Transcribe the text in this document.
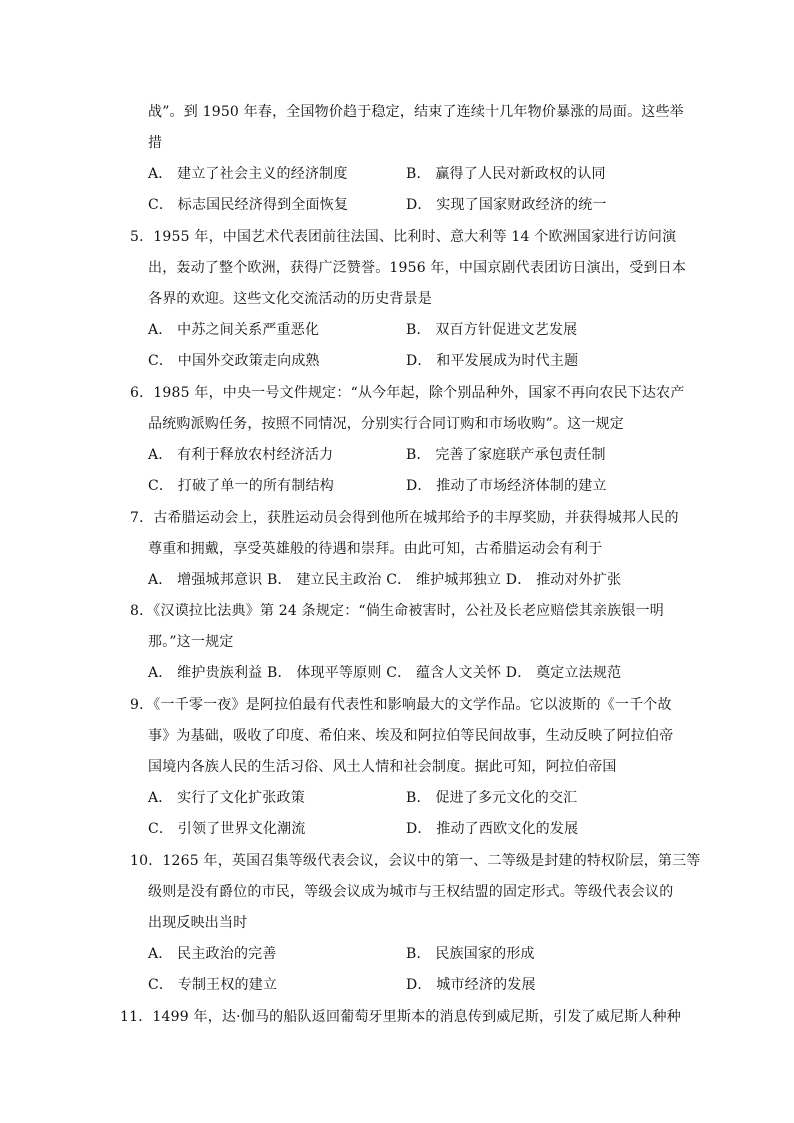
战”。到 1950 年春，全国物价趋于稳定，结束了连续十几年物价暴涨的局面。这些举
措
A． 建立了社会主义的经济制度	B． 赢得了人民对新政权的认同
C． 标志国民经济得到全面恢复	D． 实现了国家财政经济的统一
5．1955 年，中国艺术代表团前往法国、比利时、意大利等 14 个欧洲国家进行访问演
出，轰动了整个欧洲，获得广泛赞誉。1956 年，中国京剧代表团访日演出，受到日本
各界的欢迎。这些文化交流活动的历史背景是
A． 中苏之间关系严重恶化	B． 双百方针促进文艺发展
C． 中国外交政策走向成熟	D． 和平发展成为时代主题
6．1985 年，中央一号文件规定：“从今年起，除个别品种外，国家不再向农民下达农产
品统购派购任务，按照不同情况，分别实行合同订购和市场收购”。这一规定
A． 有利于释放农村经济活力	B． 完善了家庭联产承包责任制
C． 打破了单一的所有制结构	D． 推动了市场经济体制的建立
7．古希腊运动会上，获胜运动员会得到他所在城邦给予的丰厚奖励，并获得城邦人民的
尊重和拥戴，享受英雄般的待遇和崇拜。由此可知，古希腊运动会有利于
A． 增强城邦意识 B． 建立民主政治 C． 维护城邦独立 D． 推动对外扩张
8．《汉谟拉比法典》第 24 条规定：“倘生命被害时，公社及长老应赔偿其亲族银一明
那。”这一规定
A． 维护贵族利益 B． 体现平等原则 C． 蕴含人文关怀 D． 奠定立法规范
9．《一千零一夜》是阿拉伯最有代表性和影响最大的文学作品。它以波斯的《一千个故
事》为基础，吸收了印度、希伯来、埃及和阿拉伯等民间故事，生动反映了阿拉伯帝
国境内各族人民的生活习俗、风土人情和社会制度。据此可知，阿拉伯帝国
A． 实行了文化扩张政策	B． 促进了多元文化的交汇
C． 引领了世界文化潮流	D． 推动了西欧文化的发展
10．1265 年，英国召集等级代表会议，会议中的第一、二等级是封建的特权阶层，第三等
级则是没有爵位的市民，等级会议成为城市与王权结盟的固定形式。等级代表会议的
出现反映出当时
A． 民主政治的完善	B． 民族国家的形成
C． 专制王权的建立	D． 城市经济的发展
11．1499 年，达·伽马的船队返回葡萄牙里斯本的消息传到威尼斯，引发了威尼斯人种种
